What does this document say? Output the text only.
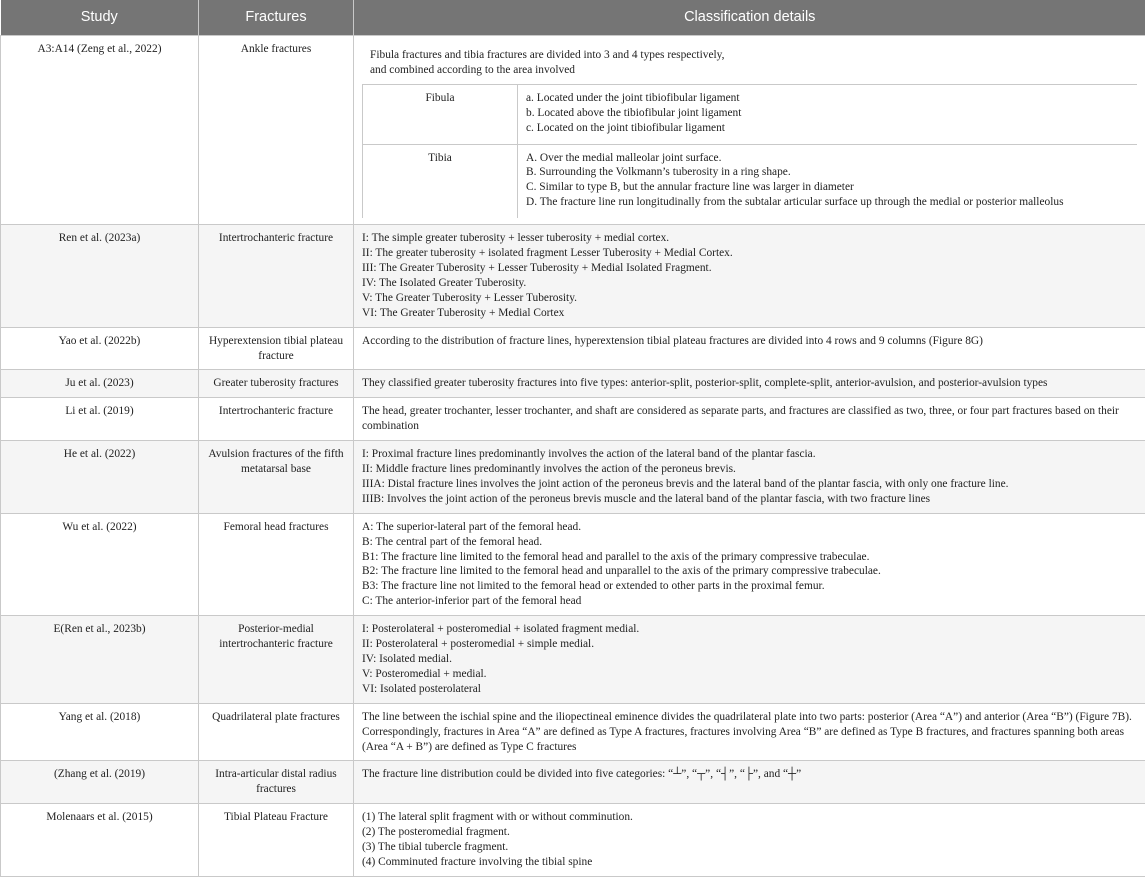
Study	Fractures	Classification details
A3:A14 (Zeng et al., 2022)	Ankle fractures	Fibula fractures and tibia fractures are divided into 3 and 4 types respectively,
and combined according to the area involved
Fibula	a. Located under the joint tibiofibular ligament
b. Located above the tibiofibular joint ligament
c. Located on the joint tibiofibular ligament

Tibia	A. Over the medial malleolar joint surface.
B. Surrounding the Volkmann’s tuberosity in a ring shape.
C. Similar to type B, but the annular fracture line was larger in diameter
D. The fracture line run longitudinally from the subtalar articular surface up through the medial or posterior malleolus

Ren et al. (2023a)	Intertrochanteric fracture	I: The simple greater tuberosity + lesser tuberosity + medial cortex.
II: The greater tuberosity + isolated fragment Lesser Tuberosity + Medial Cortex.
III: The Greater Tuberosity + Lesser Tuberosity + Medial Isolated Fragment.
IV: The Isolated Greater Tuberosity.
V: The Greater Tuberosity + Lesser Tuberosity.
VI: The Greater Tuberosity + Medial Cortex

Yao et al. (2022b)	Hyperextension tibial plateau fracture	
According to the distribution of fracture lines, hyperextension tibial plateau fractures are divided into 4 rows and 9 columns (Figure 8G)

Ju et al. (2023)	Greater tuberosity fractures	They classified greater tuberosity fractures into five types: anterior-split, posterior-split, complete-split, anterior-avulsion, and posterior-avulsion types

Li et al. (2019)	Intertrochanteric fracture	The head, greater trochanter, lesser trochanter, and shaft are considered as separate parts, and fractures are classified as two, three, or four part fractures based on their combination

He et al. (2022)	Avulsion fractures of the fifth metatarsal base	
I: Proximal fracture lines predominantly involves the action of the lateral band of the plantar fascia.
II: Middle fracture lines predominantly involves the action of the peroneus brevis.
IIIA: Distal fracture lines involves the joint action of the peroneus brevis and the lateral band of the plantar fascia, with only one fracture line.
IIIB: Involves the joint action of the peroneus brevis muscle and the lateral band of the plantar fascia, with two fracture lines

Wu et al. (2022)	Femoral head fractures	A: The superior-lateral part of the femoral head.
B: The central part of the femoral head.
B1: The fracture line limited to the femoral head and parallel to the axis of the primary compressive trabeculae.
B2: The fracture line limited to the femoral head and unparallel to the axis of the primary compressive trabeculae.
B3: The fracture line not limited to the femoral head or extended to other parts in the proximal femur.
C: The anterior-inferior part of the femoral head

E(Ren et al., 2023b)	Posterior-medial intertrochanteric fracture	
I: Posterolateral + posteromedial + isolated fragment medial.
II: Posterolateral + posteromedial + simple medial.
IV: Isolated medial.
V: Posteromedial + medial.
VI: Isolated posterolateral

Yang et al. (2018)	Quadrilateral plate fractures	The line between the ischial spine and the iliopectineal eminence divides the quadrilateral plate into two parts: posterior (Area “A”) and anterior (Area “B”) (Figure 7B). Correspondingly, fractures in Area “A” are defined as Type A fractures, fractures involving Area “B” are defined as Type B fractures, and fractures spanning both areas (Area “A + B”) are defined as Type C fractures

(Zhang et al. (2019)	Intra-articular distal radius fractures	
The fracture line distribution could be divided into five categories: “┴”, “┬”, “┤”, “├”, and “┼”

Molenaars et al. (2015)	Tibial Plateau Fracture	(1) The lateral split fragment with or without comminution.
(2) The posteromedial fragment.
(3) The tibial tubercle fragment.
(4) Comminuted fracture involving the tibial spine
